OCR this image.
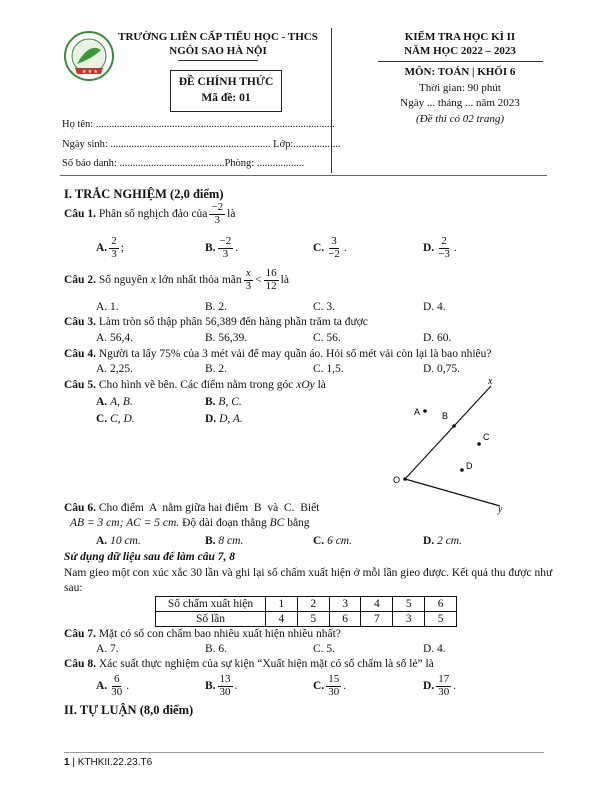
★ ★ ★
TRƯỜNG LIÊN CẤP TIỂU HỌC - THCS
NGÔI SAO HÀ NỘI
ĐỀ CHÍNH THỨC
Mã đề: 01
KIỂM TRA HỌC KÌ II
NĂM HỌC 2022 – 2023
MÔN: TOÁN | KHỐI 6
Thời gian: 90 phút
Ngày ... tháng ... năm 2023
(Đề thi có 02 trang)
Họ tên: ...........................................................................................
Ngày sinh: ............................................................. Lớp:..................
Số báo danh: ........................................Phòng: ..................
I. TRẮC NGHIỆM (2,0 điểm)
Câu 1.
Phân số nghịch đảo của $\frac{-2}{3}$ là
A. $\frac{2}{3}$ ;	B. $\frac{-2}{3}$ .	C. $\frac{3}{-2}$ .	D. $\frac{2}{-3}$ .
Câu 2.
Số nguyên
x
lớn nhất thỏa mãn $\frac{x}{3} < \frac{16}{12}$ là
A. 1.	B. 2.	C. 3.	D. 4.
Câu 3. Làm tròn số thập phân 56,389 đến hàng phần trăm ta được
A. 56,4.	B. 56,39.	C. 56.	D. 60.
Câu 4. Người ta lấy 75% của 3 mét vải để may quần áo. Hỏi số mét vải còn lại là bao nhiêu?
A. 2,25.	B. 2.	C. 1,5.	D. 0,75.
Câu 5. Cho hình vẽ bên. Các điểm nằm trong góc xOy là
A. A, B.	B. B, C.
C. C, D.	D. D, A.
x
y
O
A B
C
D
Câu 6. Cho điểm  A  nằm giữa hai điểm  B  và  C.  Biết
AB = 3 cm; AC = 5 cm. Độ dài đoạn thẳng BC bằng
A. 10 cm.	B. 8 cm.	C. 6 cm.	D. 2 cm.
Sử dụng dữ liệu sau để làm câu 7, 8
Nam gieo một con xúc xắc 30 lần và ghi lại số chấm xuất hiện ở mỗi lần gieo được. Kết quả thu được như sau:
Số chấm xuất hiện	1	2	3	4	5	6
Số lần	4	5	6	7	3	5
Câu 7. Mặt có số con chấm bao nhiêu xuất hiện nhiều nhất?
A. 7.	B. 6.	C. 5.	D. 4.
Câu 8. Xác suất thực nghiệm của sự kiện “Xuất hiện mặt có số chấm là số lẻ” là
A. $\frac{6}{30}$ .	B. $\frac{13}{30}$ .	C. $\frac{15}{30}$ .	D. $\frac{17}{30}$ .
II. TỰ LUẬN (8,0 điểm)
1 | KTHKII.22.23.T6
